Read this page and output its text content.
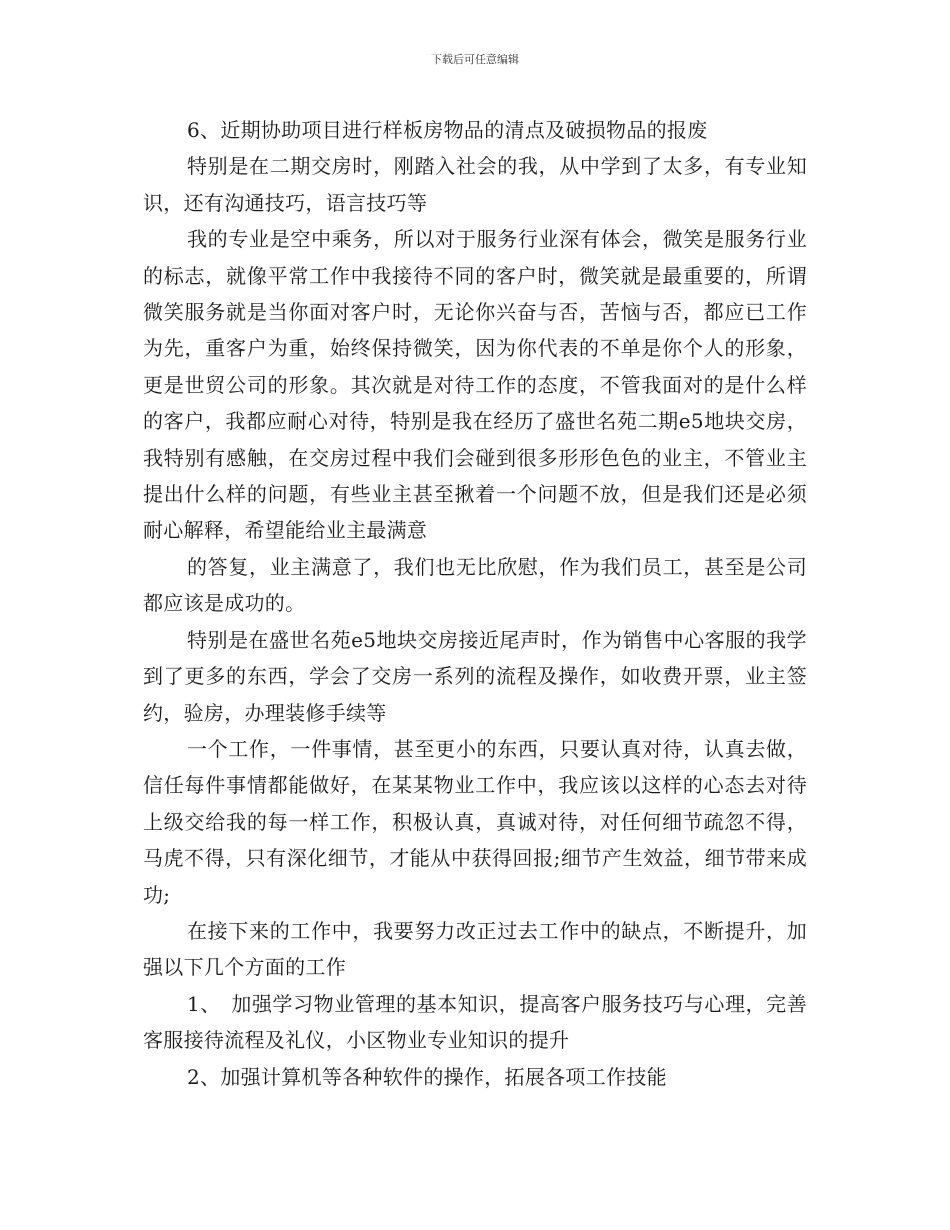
下载后可任意编辑

6、近期协助项目进行样板房物品的清点及破损物品的报废

特别是在二期交房时，刚踏入社会的我，从中学到了太多，有专业知识，还有沟通技巧，语言技巧等

我的专业是空中乘务，所以对于服务行业深有体会，微笑是服务行业的标志，就像平常工作中我接待不同的客户时，微笑就是最重要的，所谓微笑服务就是当你面对客户时，无论你兴奋与否，苦恼与否，都应已工作为先，重客户为重，始终保持微笑，因为你代表的不单是你个人的形象，更是世贸公司的形象。其次就是对待工作的态度，不管我面对的是什么样的客户，我都应耐心对待，特别是我在经历了盛世名苑二期e5地块交房，我特别有感触，在交房过程中我们会碰到很多形形色色的业主，不管业主提出什么样的问题，有些业主甚至揪着一个问题不放，但是我们还是必须耐心解释，希望能给业主最满意

的答复，业主满意了，我们也无比欣慰，作为我们员工，甚至是公司都应该是成功的。

特别是在盛世名苑e5地块交房接近尾声时，作为销售中心客服的我学到了更多的东西，学会了交房一系列的流程及操作，如收费开票，业主签约，验房，办理装修手续等

一个工作，一件事情，甚至更小的东西，只要认真对待，认真去做，信任每件事情都能做好，在某某物业工作中，我应该以这样的心态去对待上级交给我的每一样工作，积极认真，真诚对待，对任何细节疏忽不得，马虎不得，只有深化细节，才能从中获得回报;细节产生效益，细节带来成功;

在接下来的工作中，我要努力改正过去工作中的缺点，不断提升，加强以下几个方面的工作

1、　加强学习物业管理的基本知识，提高客户服务技巧与心理，完善客服接待流程及礼仪，小区物业专业知识的提升

2、加强计算机等各种软件的操作，拓展各项工作技能
